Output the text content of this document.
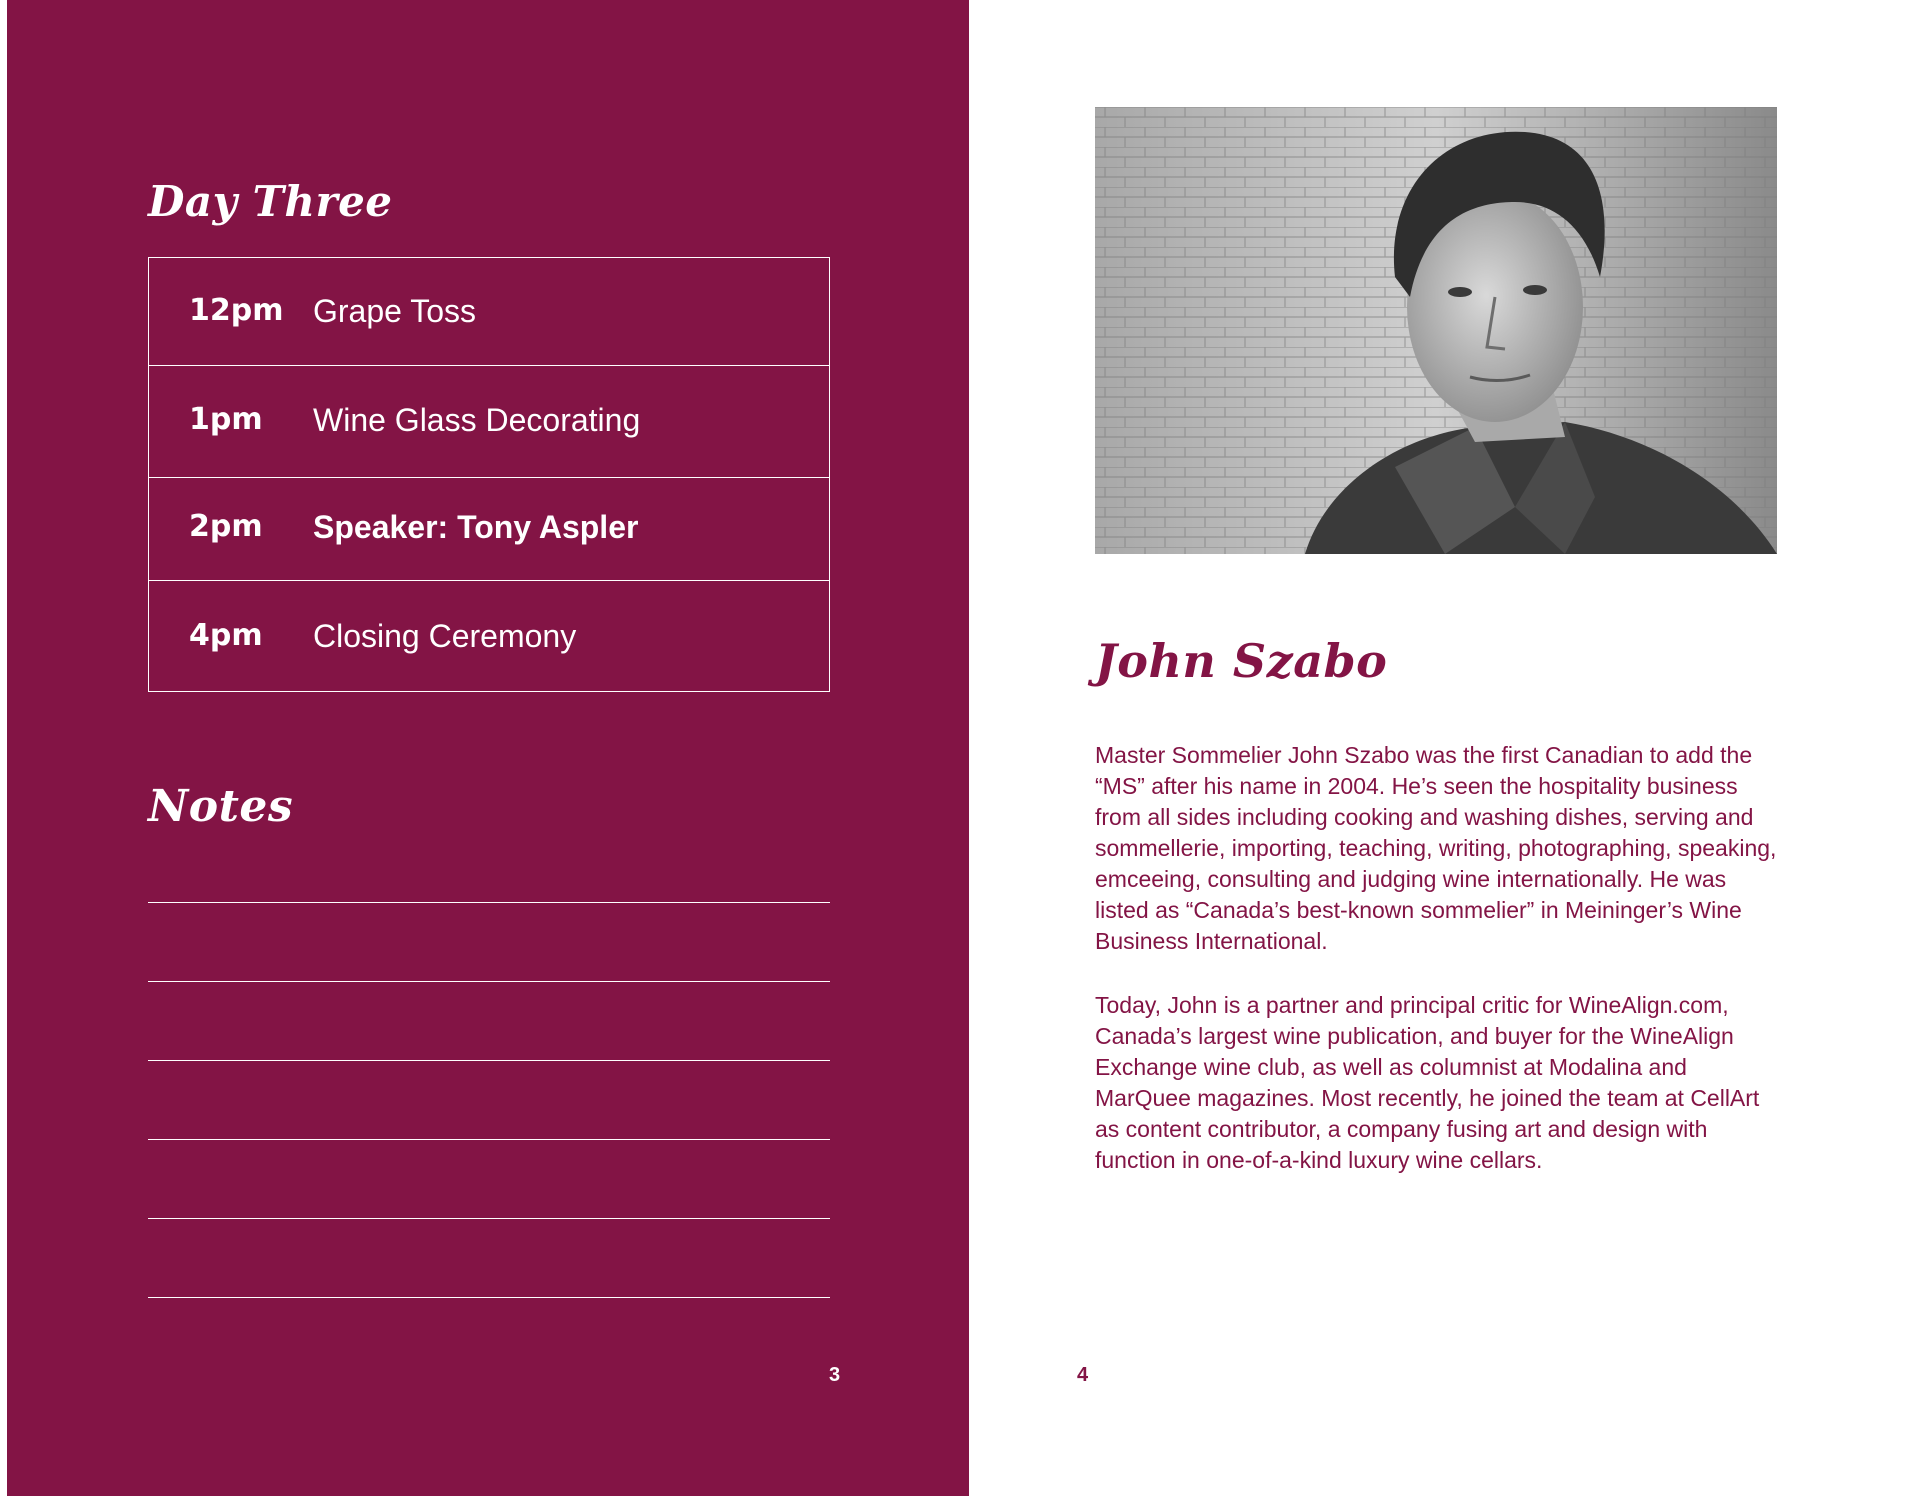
Day Three
12pm Grape Toss
1pm Wine Glass Decorating
2pm Speaker: Tony Aspler
4pm Closing Ceremony
Notes
3
John Szabo

Master Sommelier John Szabo was the first Canadian to add the “MS” after his name in 2004. He’s seen the hospitality business from all sides including cooking and washing dishes, serving and sommellerie, importing, teaching, writing, photographing, speaking, emceeing, consulting and judging wine internationally. He was listed as “Canada’s best-known sommelier” in Meininger’s Wine Business International.

Today, John is a partner and principal critic for WineAlign.com, Canada’s largest wine publication, and buyer for the WineAlign Exchange wine club, as well as columnist at Modalina and MarQuee magazines. Most recently, he joined the team at CellArt as content contributor, a company fusing art and design with function in one-of-a-kind luxury wine cellars.

4
